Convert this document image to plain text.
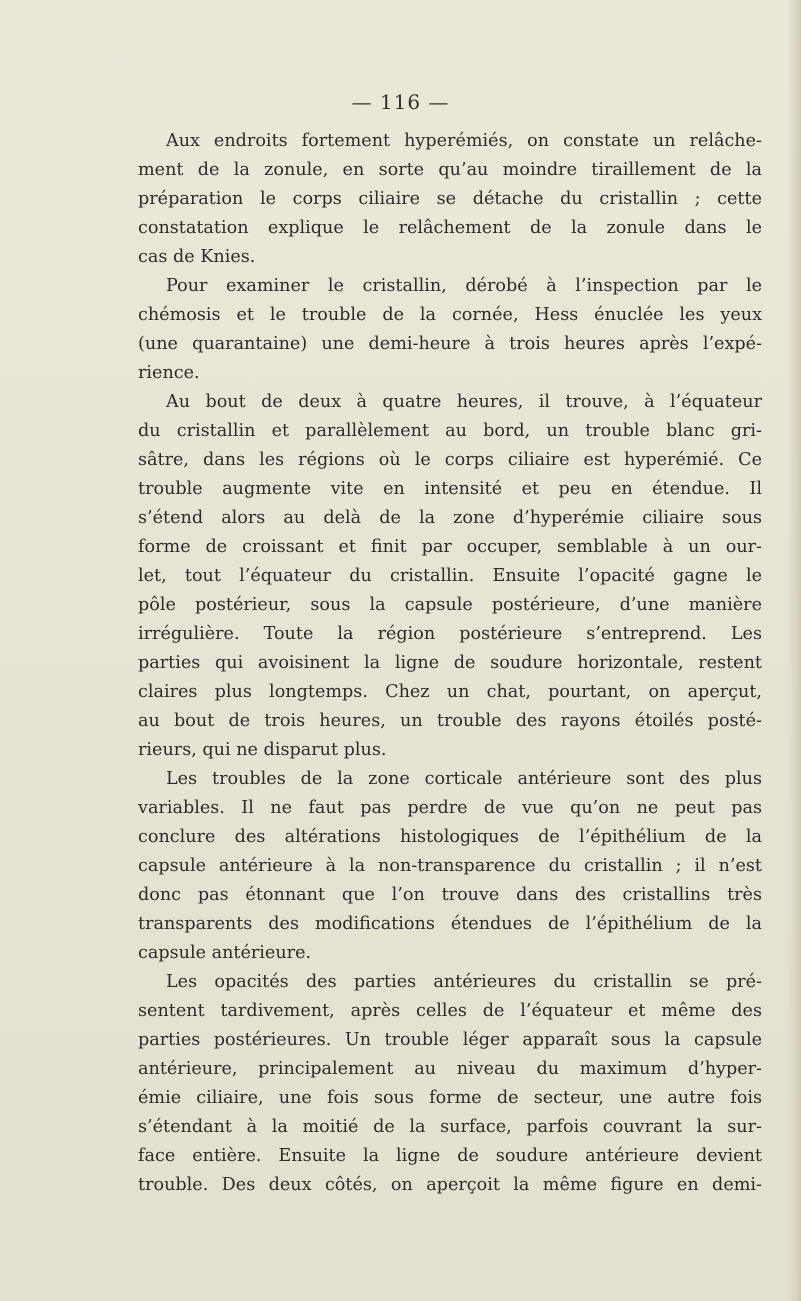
— 116 —
Aux endroits fortement hyperémiés, on constate un relâche-
ment de la zonule, en sorte qu’au moindre tiraillement de la
préparation le corps ciliaire se détache du cristallin ; cette
constatation explique le relâchement de la zonule dans le
cas de Knies.
Pour examiner le cristallin, dérobé à l’inspection par le
chémosis et le trouble de la cornée, Hess énuclée les yeux
(une quarantaine) une demi-heure à trois heures après l’expé-
rience.
Au bout de deux à quatre heures, il trouve, à l’équateur
du cristallin et parallèlement au bord, un trouble blanc gri-
sâtre, dans les régions où le corps ciliaire est hyperémié. Ce
trouble augmente vite en intensité et peu en étendue. Il
s’étend alors au delà de la zone d’hyperémie ciliaire sous
forme de croissant et finit par occuper, semblable à un our-
let, tout l’équateur du cristallin. Ensuite l’opacité gagne le
pôle postérieur, sous la capsule postérieure, d’une manière
irrégulière. Toute la région postérieure s’entreprend. Les
parties qui avoisinent la ligne de soudure horizontale, restent
claires plus longtemps. Chez un chat, pourtant, on aperçut,
au bout de trois heures, un trouble des rayons étoilés posté-
rieurs, qui ne disparut plus.
Les troubles de la zone corticale antérieure sont des plus
variables. Il ne faut pas perdre de vue qu’on ne peut pas
conclure des altérations histologiques de l’épithélium de la
capsule antérieure à la non-transparence du cristallin ; il n’est
donc pas étonnant que l’on trouve dans des cristallins très
transparents des modifications étendues de l’épithélium de la
capsule antérieure.
Les opacités des parties antérieures du cristallin se pré-
sentent tardivement, après celles de l’équateur et même des
parties postérieures. Un trouble léger apparaît sous la capsule
antérieure, principalement au niveau du maximum d’hyper-
émie ciliaire, une fois sous forme de secteur, une autre fois
s’étendant à la moitié de la surface, parfois couvrant la sur-
face entière. Ensuite la ligne de soudure antérieure devient
trouble. Des deux côtés, on aperçoit la même figure en demi-
